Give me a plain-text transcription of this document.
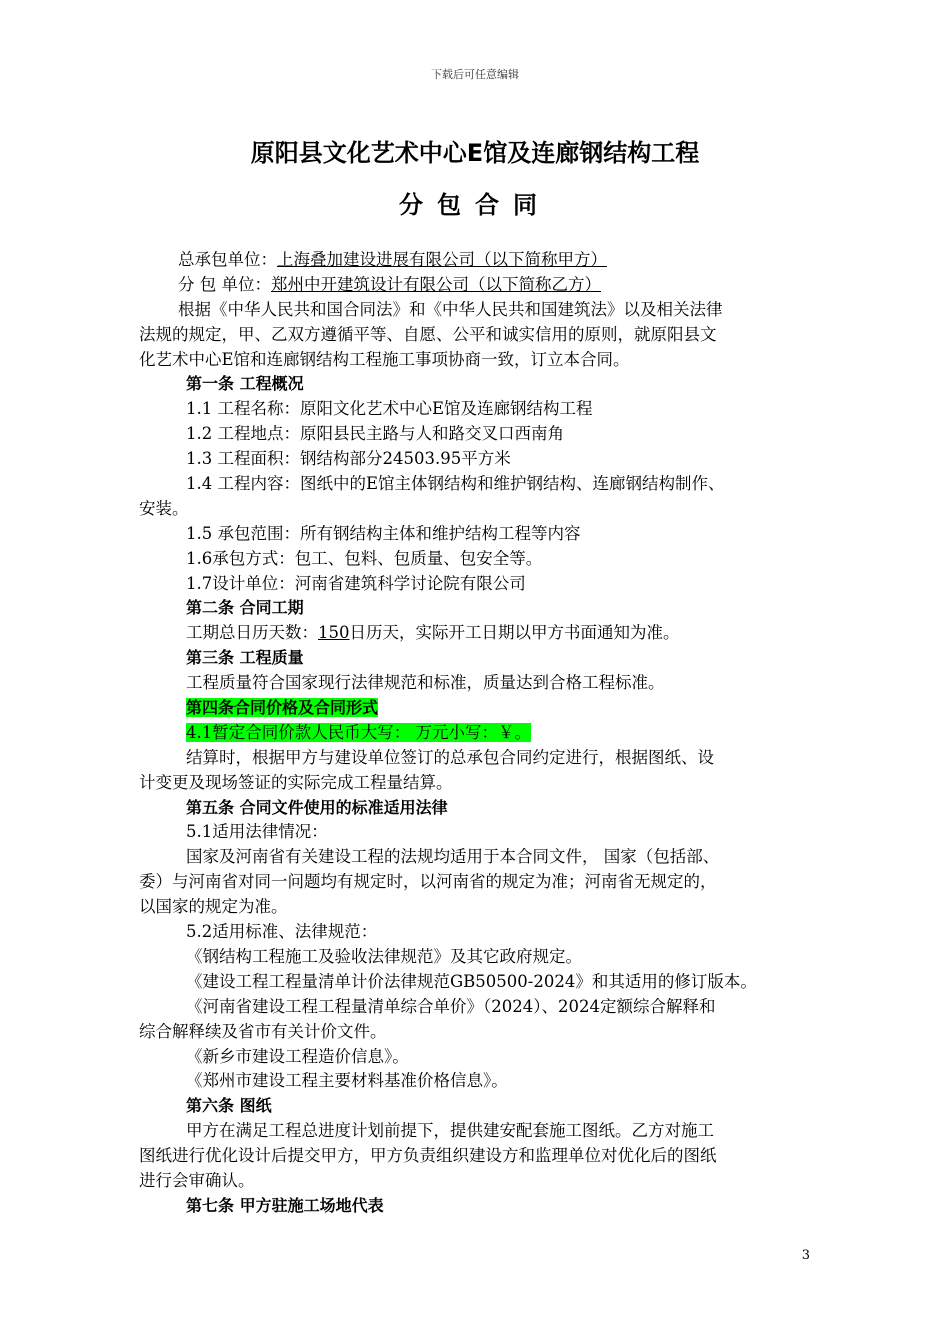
下载后可任意编辑
原阳县文化艺术中心E馆及连廊钢结构工程
分包合同
总承包单位：上海叠加建设进展有限公司（以下简称甲方）
分 包 单位：郑州中开建筑设计有限公司（以下简称乙方）
根据《中华人民共和国合同法》和《中华人民共和国建筑法》以及相关法律
法规的规定，甲、乙双方遵循平等、自愿、公平和诚实信用的原则，就原阳县文
化艺术中心E馆和连廊钢结构工程施工事项协商一致，订立本合同。
第一条 工程概况
1.1 工程名称：原阳文化艺术中心E馆及连廊钢结构工程
1.2 工程地点：原阳县民主路与人和路交叉口西南角
1.3 工程面积：钢结构部分24503.95平方米
1.4 工程内容：图纸中的E馆主体钢结构和维护钢结构、连廊钢结构制作、
安装。
1.5 承包范围：所有钢结构主体和维护结构工程等内容
1.6承包方式：包工、包料、包质量、包安全等。
1.7设计单位：河南省建筑科学讨论院有限公司
第二条 合同工期
工期总日历天数：150日历天，实际开工日期以甲方书面通知为准。
第三条 工程质量
工程质量符合国家现行法律规范和标准，质量达到合格工程标准。
第四条合同价格及合同形式
4.1暂定合同价款人民币大写： 万元小写：￥。
结算时，根据甲方与建设单位签订的总承包合同约定进行，根据图纸、设
计变更及现场签证的实际完成工程量结算。
第五条 合同文件使用的标准适用法律
5.1适用法律情况：
国家及河南省有关建设工程的法规均适用于本合同文件， 国家（包括部、
委）与河南省对同一问题均有规定时，以河南省的规定为准；河南省无规定的，
以国家的规定为准。
5.2适用标准、法律规范：
《钢结构工程施工及验收法律规范》及其它政府规定。
《建设工程工程量清单计价法律规范GB50500-2024》和其适用的修订版本。
《河南省建设工程工程量清单综合单价》（2024）、2024定额综合解释和
综合解释续及省市有关计价文件。
《新乡市建设工程造价信息》。
《郑州市建设工程主要材料基准价格信息》。
第六条 图纸
甲方在满足工程总进度计划前提下，提供建安配套施工图纸。乙方对施工
图纸进行优化设计后提交甲方，甲方负责组织建设方和监理单位对优化后的图纸
进行会审确认。
第七条 甲方驻施工场地代表
3
